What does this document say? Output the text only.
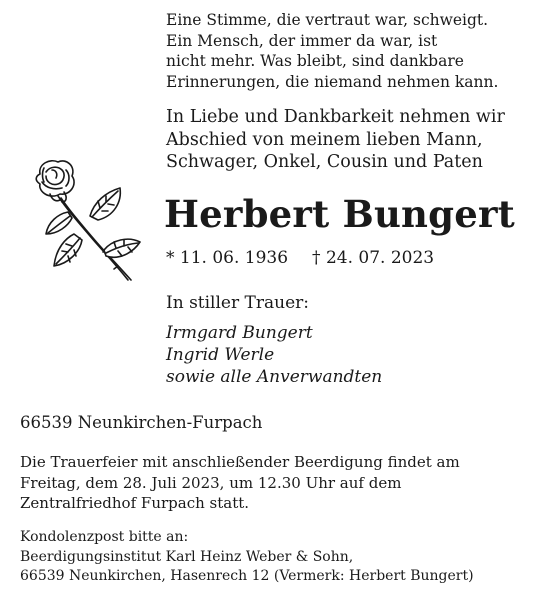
Eine Stimme, die vertraut war, schweigt.
Ein Mensch, der immer da war, ist
nicht mehr. Was bleibt, sind dankbare
Erinnerungen, die niemand nehmen kann.
In Liebe und Dankbarkeit nehmen wir
Abschied von meinem lieben Mann,
Schwager, Onkel, Cousin und Paten
Herbert Bungert
* 11. 06. 1936 † 24. 07. 2023
In stiller Trauer:
Irmgard Bungert
Ingrid Werle
sowie alle Anverwandten
66539 Neunkirchen-Furpach
Die Trauerfeier mit anschließender Beerdigung findet am
Freitag, dem 28. Juli 2023, um 12.30 Uhr auf dem
Zentralfriedhof Furpach statt.
Kondolenzpost bitte an:
Beerdigungsinstitut Karl Heinz Weber & Sohn,
66539 Neunkirchen, Hasenrech 12 (Vermerk: Herbert Bungert)
